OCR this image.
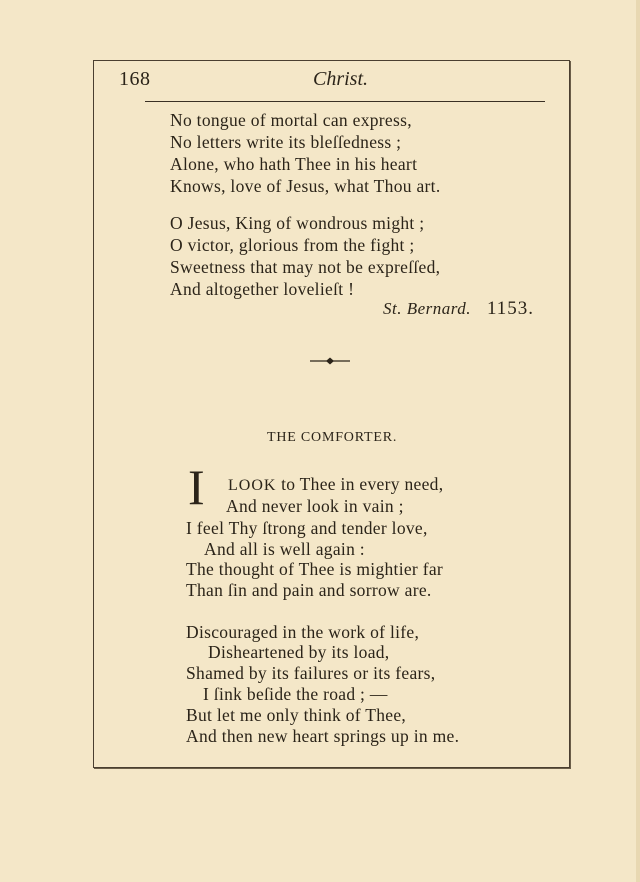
168	Christ.
No tongue of mortal can express,
No letters write its bleſſedness ;
Alone, who hath Thee in his heart
Knows, love of Jesus, what Thou art.
O Jesus, King of wondrous might ;
O victor, glorious from the fight ;
Sweetness that may not be expreſſed,
And altogether lovelieſt !
St. Bernard. 1153.
THE COMFORTER.
I LOOK to Thee in every need,
And never look in vain ;
I feel Thy ſtrong and tender love,
And all is well again :
The thought of Thee is mightier far
Than ſin and pain and sorrow are.
Discouraged in the work of life,
Disheartened by its load,
Shamed by its failures or its fears,
I ſink beſide the road ; —
But let me only think of Thee,
And then new heart springs up in me.
